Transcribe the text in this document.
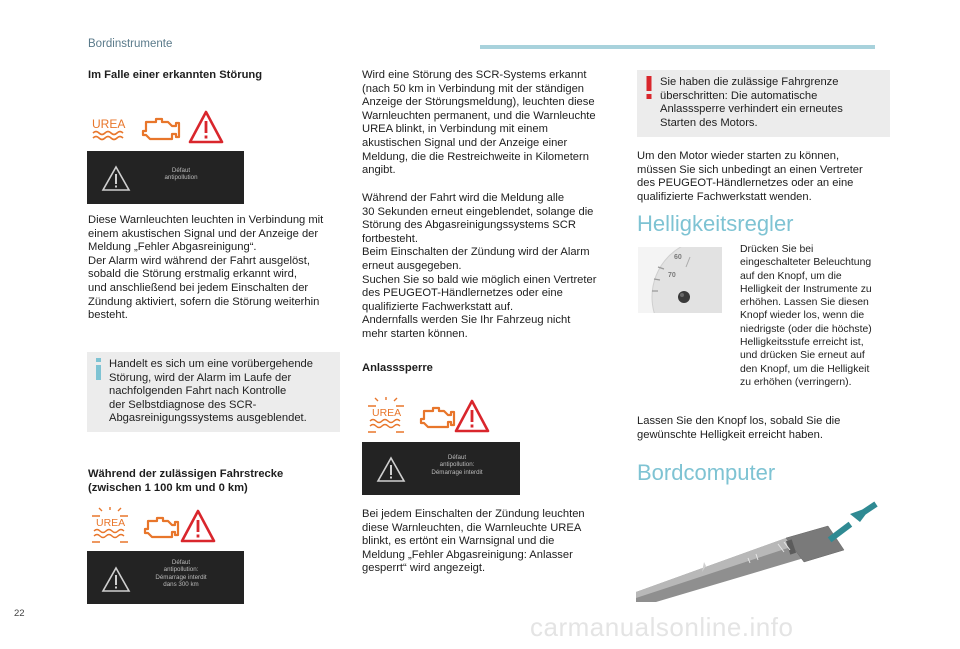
Bordinstrumente
Im Falle einer erkannten Störung
UREA
Défaut
antipollution
Diese Warnleuchten leuchten in Verbindung mit
einem akustischen Signal und der Anzeige der
Meldung „Fehler Abgasreinigung“.
Der Alarm wird während der Fahrt ausgelöst,
sobald die Störung erstmalig erkannt wird,
und anschließend bei jedem Einschalten der
Zündung aktiviert, sofern die Störung weiterhin
besteht.
Handelt es sich um eine vorübergehende
Störung, wird der Alarm im Laufe der
nachfolgenden Fahrt nach Kontrolle
der Selbstdiagnose des SCR-
Abgasreinigungssystems ausgeblendet.
Während der zulässigen Fahrstrecke
(zwischen 1 100 km und 0 km)
UREA
Défaut
antipollution:
Démarrage interdit
dans 300 km
Wird eine Störung des SCR-Systems erkannt
(nach 50 km in Verbindung mit der ständigen
Anzeige der Störungsmeldung), leuchten diese
Warnleuchten permanent, und die Warnleuchte
UREA blinkt, in Verbindung mit einem
akustischen Signal und der Anzeige einer
Meldung, die die Restreichweite in Kilometern
angibt.
Während der Fahrt wird die Meldung alle
30 Sekunden erneut eingeblendet, solange die
Störung des Abgasreinigungssystems SCR
fortbesteht.
Beim Einschalten der Zündung wird der Alarm
erneut ausgegeben.
Suchen Sie so bald wie möglich einen Vertreter
des PEUGEOT-Händlernetzes oder eine
qualifizierte Fachwerkstatt auf.
Andernfalls werden Sie Ihr Fahrzeug nicht
mehr starten können.
Anlasssperre
UREA
Défaut
antipollution:
Démarrage interdit
Bei jedem Einschalten der Zündung leuchten
diese Warnleuchten, die Warnleuchte UREA
blinkt, es ertönt ein Warnsignal und die
Meldung „Fehler Abgasreinigung: Anlasser
gesperrt“ wird angezeigt.
Sie haben die zulässige Fahrgrenze
überschritten: Die automatische
Anlasssperre verhindert ein erneutes
Starten des Motors.
Um den Motor wieder starten zu können,
müssen Sie sich unbedingt an einen Vertreter
des PEUGEOT-Händlernetzes oder an eine
qualifizierte Fachwerkstatt wenden.
Helligkeitsregler
60
70
Drücken Sie bei
eingeschalteter Beleuchtung
auf den Knopf, um die
Helligkeit der Instrumente zu
erhöhen. Lassen Sie diesen
Knopf wieder los, wenn die
niedrigste (oder die höchste)
Helligkeitsstufe erreicht ist,
und drücken Sie erneut auf
den Knopf, um die Helligkeit
zu erhöhen (verringern).
Lassen Sie den Knopf los, sobald Sie die
gewünschte Helligkeit erreicht haben.
Bordcomputer
22	carmanualsonline.info
